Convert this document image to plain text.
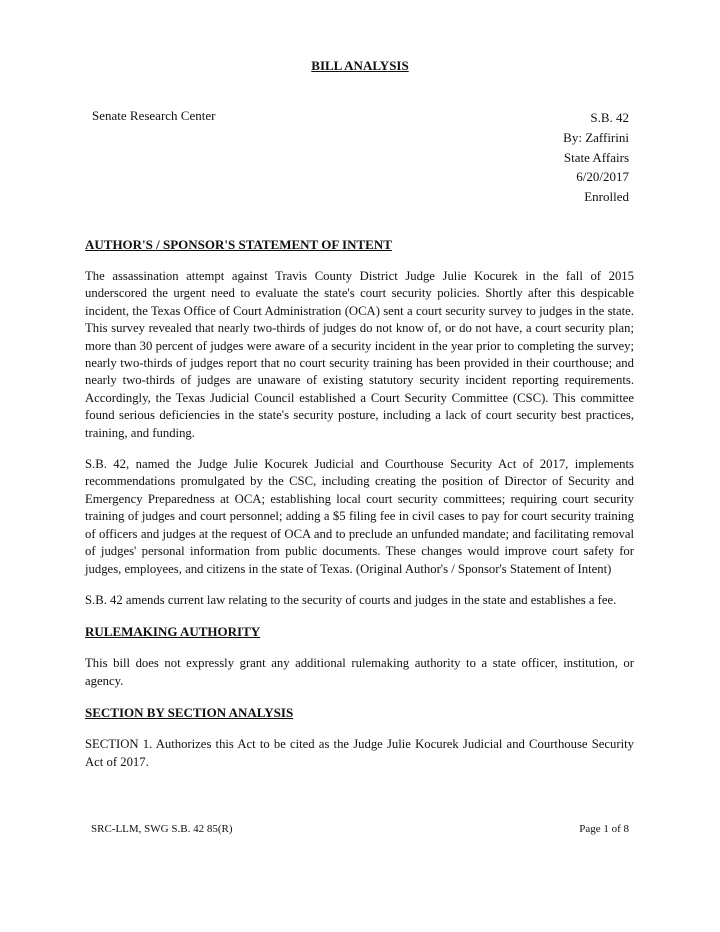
BILL ANALYSIS
Senate Research Center	S.B. 42
By: Zaffirini
State Affairs
6/20/2017
Enrolled
AUTHOR'S / SPONSOR'S STATEMENT OF INTENT

The assassination attempt against Travis County District Judge Julie Kocurek in the fall of 2015 underscored the urgent need to evaluate the state's court security policies. Shortly after this despicable incident, the Texas Office of Court Administration (OCA) sent a court security survey to judges in the state. This survey revealed that nearly two-thirds of judges do not know of, or do not have, a court security plan; more than 30 percent of judges were aware of a security incident in the year prior to completing the survey; nearly two-thirds of judges report that no court security training has been provided in their courthouse; and nearly two-thirds of judges are unaware of existing statutory security incident reporting requirements. Accordingly, the Texas Judicial Council established a Court Security Committee (CSC). This committee found serious deficiencies in the state's security posture, including a lack of court security best practices, training, and funding.

S.B. 42, named the Judge Julie Kocurek Judicial and Courthouse Security Act of 2017, implements recommendations promulgated by the CSC, including creating the position of Director of Security and Emergency Preparedness at OCA; establishing local court security committees; requiring court security training of judges and court personnel; adding a $5 filing fee in civil cases to pay for court security training of officers and judges at the request of OCA and to preclude an unfunded mandate; and facilitating removal of judges' personal information from public documents. These changes would improve court safety for judges, employees, and citizens in the state of Texas. (Original Author's / Sponsor's Statement of Intent)

S.B. 42 amends current law relating to the security of courts and judges in the state and establishes a fee.

RULEMAKING AUTHORITY

This bill does not expressly grant any additional rulemaking authority to a state officer, institution, or agency.

SECTION BY SECTION ANALYSIS

SECTION 1. Authorizes this Act to be cited as the Judge Julie Kocurek Judicial and Courthouse Security Act of 2017.

SRC-LLM, SWG S.B. 42 85(R)	Page 1 of 8
